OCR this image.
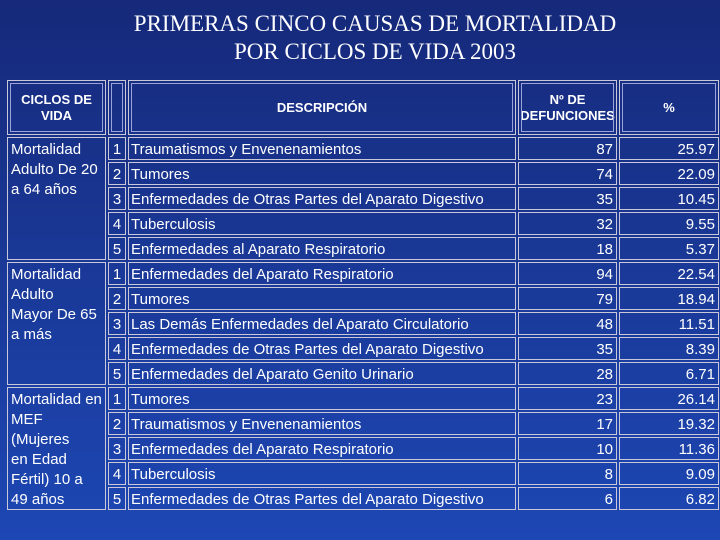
PRIMERAS CINCO CAUSAS DE MORTALIDAD
POR CICLOS DE VIDA 2003
CICLOS DE VIDA
DESCRIPCIÓN
Nº DE DEFUNCIONES
%
Mortalidad
Adulto De 20
a 64 años
1 Traumatismos y Envenenamientos	87	25.97
2 Tumores	74	22.09
3 Enfermedades de Otras Partes del Aparato Digestivo	35	10.45
4 Tuberculosis	32	9.55
5 Enfermedades al Aparato Respiratorio	18	5.37
Mortalidad
Adulto
Mayor De 65
a más
1 Enfermedades del Aparato Respiratorio	94	22.54
2 Tumores	79	18.94
3 Las Demás Enfermedades del Aparato Circulatorio	48	11.51
4 Enfermedades de Otras Partes del Aparato Digestivo	35	8.39
5 Enfermedades del Aparato Genito Urinario	28	6.71
Mortalidad en
MEF (Mujeres
en Edad
Fértil) 10 a
49 años
1 Tumores	23	26.14
2 Traumatismos y Envenenamientos	17	19.32
3 Enfermedades del Aparato Respiratorio	10	11.36
4 Tuberculosis	8	9.09
5 Enfermedades de Otras Partes del Aparato Digestivo	6	6.82
